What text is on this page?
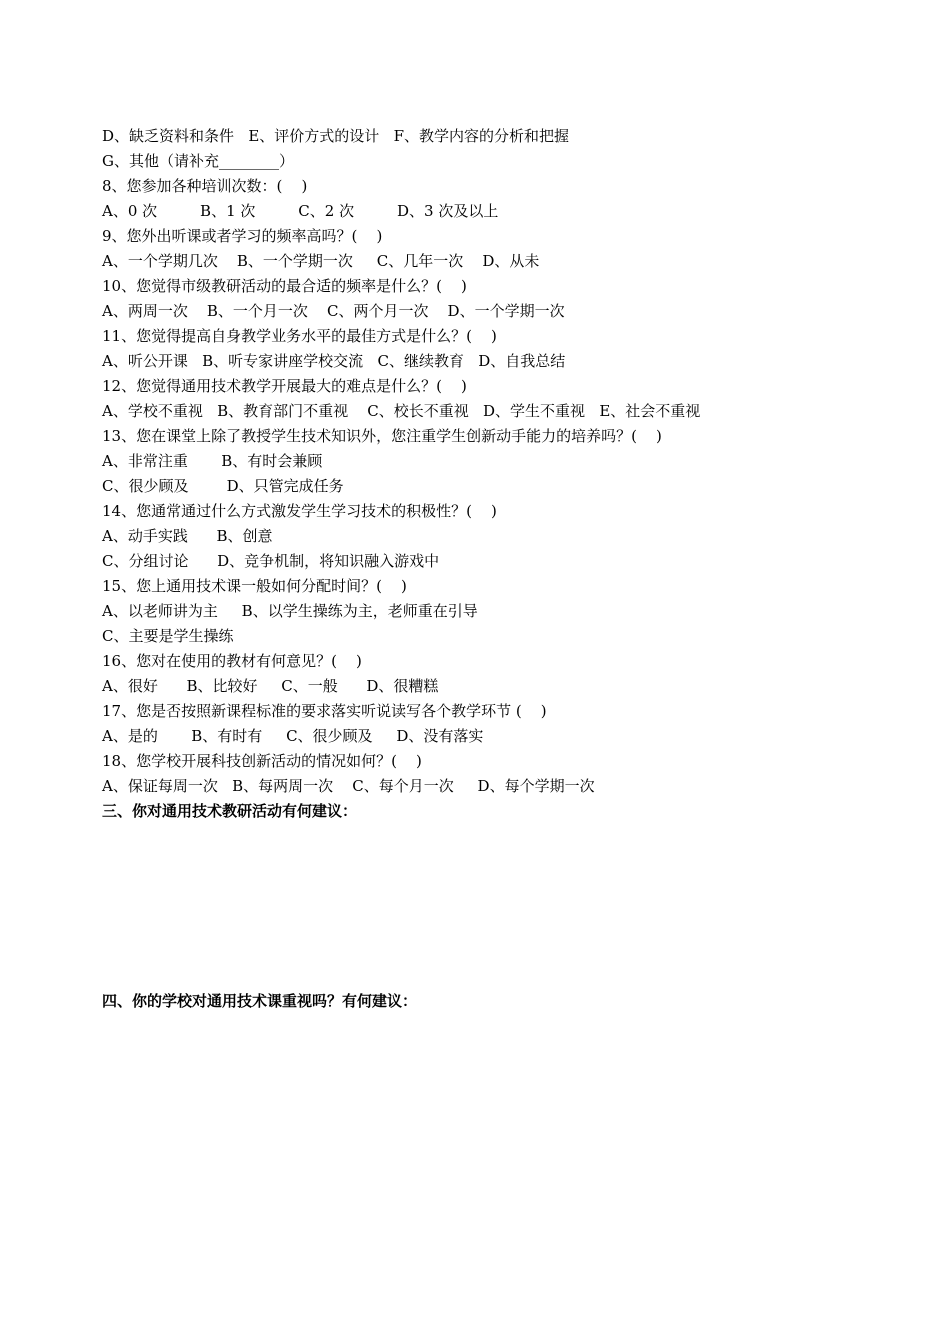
D、缺乏资料和条件   E、评价方式的设计   F、教学内容的分析和把握
G、其他（请补充________）
8、您参加各种培训次数：(    )
A、0 次         B、1 次         C、2 次         D、3 次及以上
9、您外出听课或者学习的频率高吗？(    )
A、一个学期几次    B、一个学期一次     C、几年一次    D、从未
10、您觉得市级教研活动的最合适的频率是什么？(    )
A、两周一次    B、一个月一次    C、两个月一次    D、一个学期一次
11、您觉得提高自身教学业务水平的最佳方式是什么？(    )
A、听公开课   B、听专家讲座学校交流   C、继续教育   D、自我总结
12、您觉得通用技术教学开展最大的难点是什么？(    )
A、学校不重视   B、教育部门不重视    C、校长不重视   D、学生不重视   E、社会不重视
13、您在课堂上除了教授学生技术知识外，您注重学生创新动手能力的培养吗？(    )
A、非常注重       B、有时会兼顾
C、很少顾及        D、只管完成任务
14、您通常通过什么方式激发学生学习技术的积极性？(    )
A、动手实践      B、创意
C、分组讨论      D、竞争机制，将知识融入游戏中
15、您上通用技术课一般如何分配时间？(    )
A、以老师讲为主     B、以学生操练为主，老师重在引导
C、主要是学生操练
16、您对在使用的教材有何意见？(    )
A、很好      B、比较好     C、一般      D、很糟糕
17、您是否按照新课程标准的要求落实听说读写各个教学环节 (    )
A、是的       B、有时有     C、很少顾及     D、没有落实
18、您学校开展科技创新活动的情况如何？(    )
A、保证每周一次   B、每两周一次    C、每个月一次     D、每个学期一次
三、你对通用技术教研活动有何建议：
四、你的学校对通用技术课重视吗？有何建议：
